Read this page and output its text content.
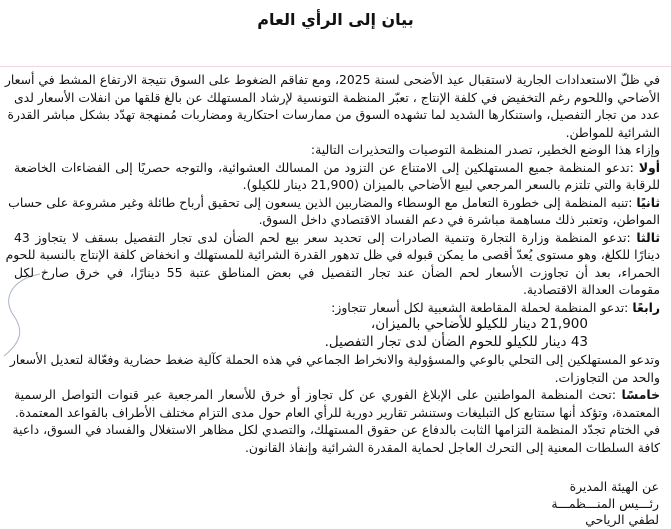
بيان إلى الرأي العام
في ظلّ الاستعدادات الجارية لاستقبال عيد الأضحى لسنة 2025، ومع تفاقم الضغوط على السوق نتيجة الارتفاع المشط في أسعار
الأضاحي واللحوم رغم التخفيض في كلفة الإنتاج ، تعبّر المنظمة التونسية لإرشاد المستهلك عن بالغ قلقها من انفلات الأسعار لدى
عدد من تجار التفصيل، واستنكارها الشديد لما تشهده السوق من ممارسات احتكارية ومضاربات مُمنهجة تهدّد بشكل مباشر القدرة
الشرائية للمواطن.
وإزاء هذا الوضع الخطير، تصدر المنظمة التوصيات والتحذيرات التالية:
أولا :تدعو المنظمة جميع المستهلكين إلى الامتناع عن التزود من المسالك العشوائية، والتوجه حصريًا إلى الفضاءات الخاضعة
للرقابة والتي تلتزم بالسعر المرجعي لبيع الأضاحي بالميزان (21,900 دينار للكيلو).
ثانيًا :تنبه المنظمة إلى خطورة التعامل مع الوسطاء والمضاربين الذين يسعون إلى تحقيق أرباح طائلة وغير مشروعة على حساب
المواطن، وتعتبر ذلك مساهمة مباشرة في دعم الفساد الاقتصادي داخل السوق.
ثالثا :تدعو المنظمة وزارة التجارة وتنمية الصادرات إلى تحديد سعر بيع لحم الضأن لدى تجار التفصيل بسقف لا يتجاوز 43
دينارًا للكلغ، وهو مستوى يُعدّ أقصى ما يمكن قبوله في ظل تدهور القدرة الشرائية للمستهلك و انخفاض كلفة الإنتاج بالنسبة للحوم
الحمراء، بعد أن تجاوزت الأسعار لحم الضأن عند تجار التفصيل في بعض المناطق عتبة 55 دينارًا، في خرق صارخ لكل
مقومات العدالة الاقتصادية.
رابعًا :تدعو المنظمة لحملة المقاطعة الشعبية لكل أسعار تتجاوز:
21,900 دينار للكيلو للأضاحي بالميزان،
43 دينار للكيلو للحوم الضأن لدى تجار التفصيل.
وتدعو المستهلكين إلى التحلي بالوعي والمسؤولية والانخراط الجماعي في هذه الحملة كآلية ضغط حضارية وفعّالة لتعديل الأسعار
والحد من التجاوزات.
خامسًا :تحث المنظمة المواطنين على الإبلاغ الفوري عن كل تجاوز أو خرق للأسعار المرجعية عبر قنوات التواصل الرسمية
المعتمدة، وتؤكد أنها ستتابع كل التبليغات وستنشر تقارير دورية للرأي العام حول مدى التزام مختلف الأطراف بالقواعد المعتمدة.
في الختام تجدّد المنظمة التزامها الثابت بالدفاع عن حقوق المستهلك، والتصدي لكل مظاهر الاستغلال والفساد في السوق، داعية
كافة السلطات المعنية إلى التحرك العاجل لحماية المقدرة الشرائية وإنفاذ القانون.
عن الهيئة المديرة
رئـــيس المنـــظمـــة
لطفي الرياحي
